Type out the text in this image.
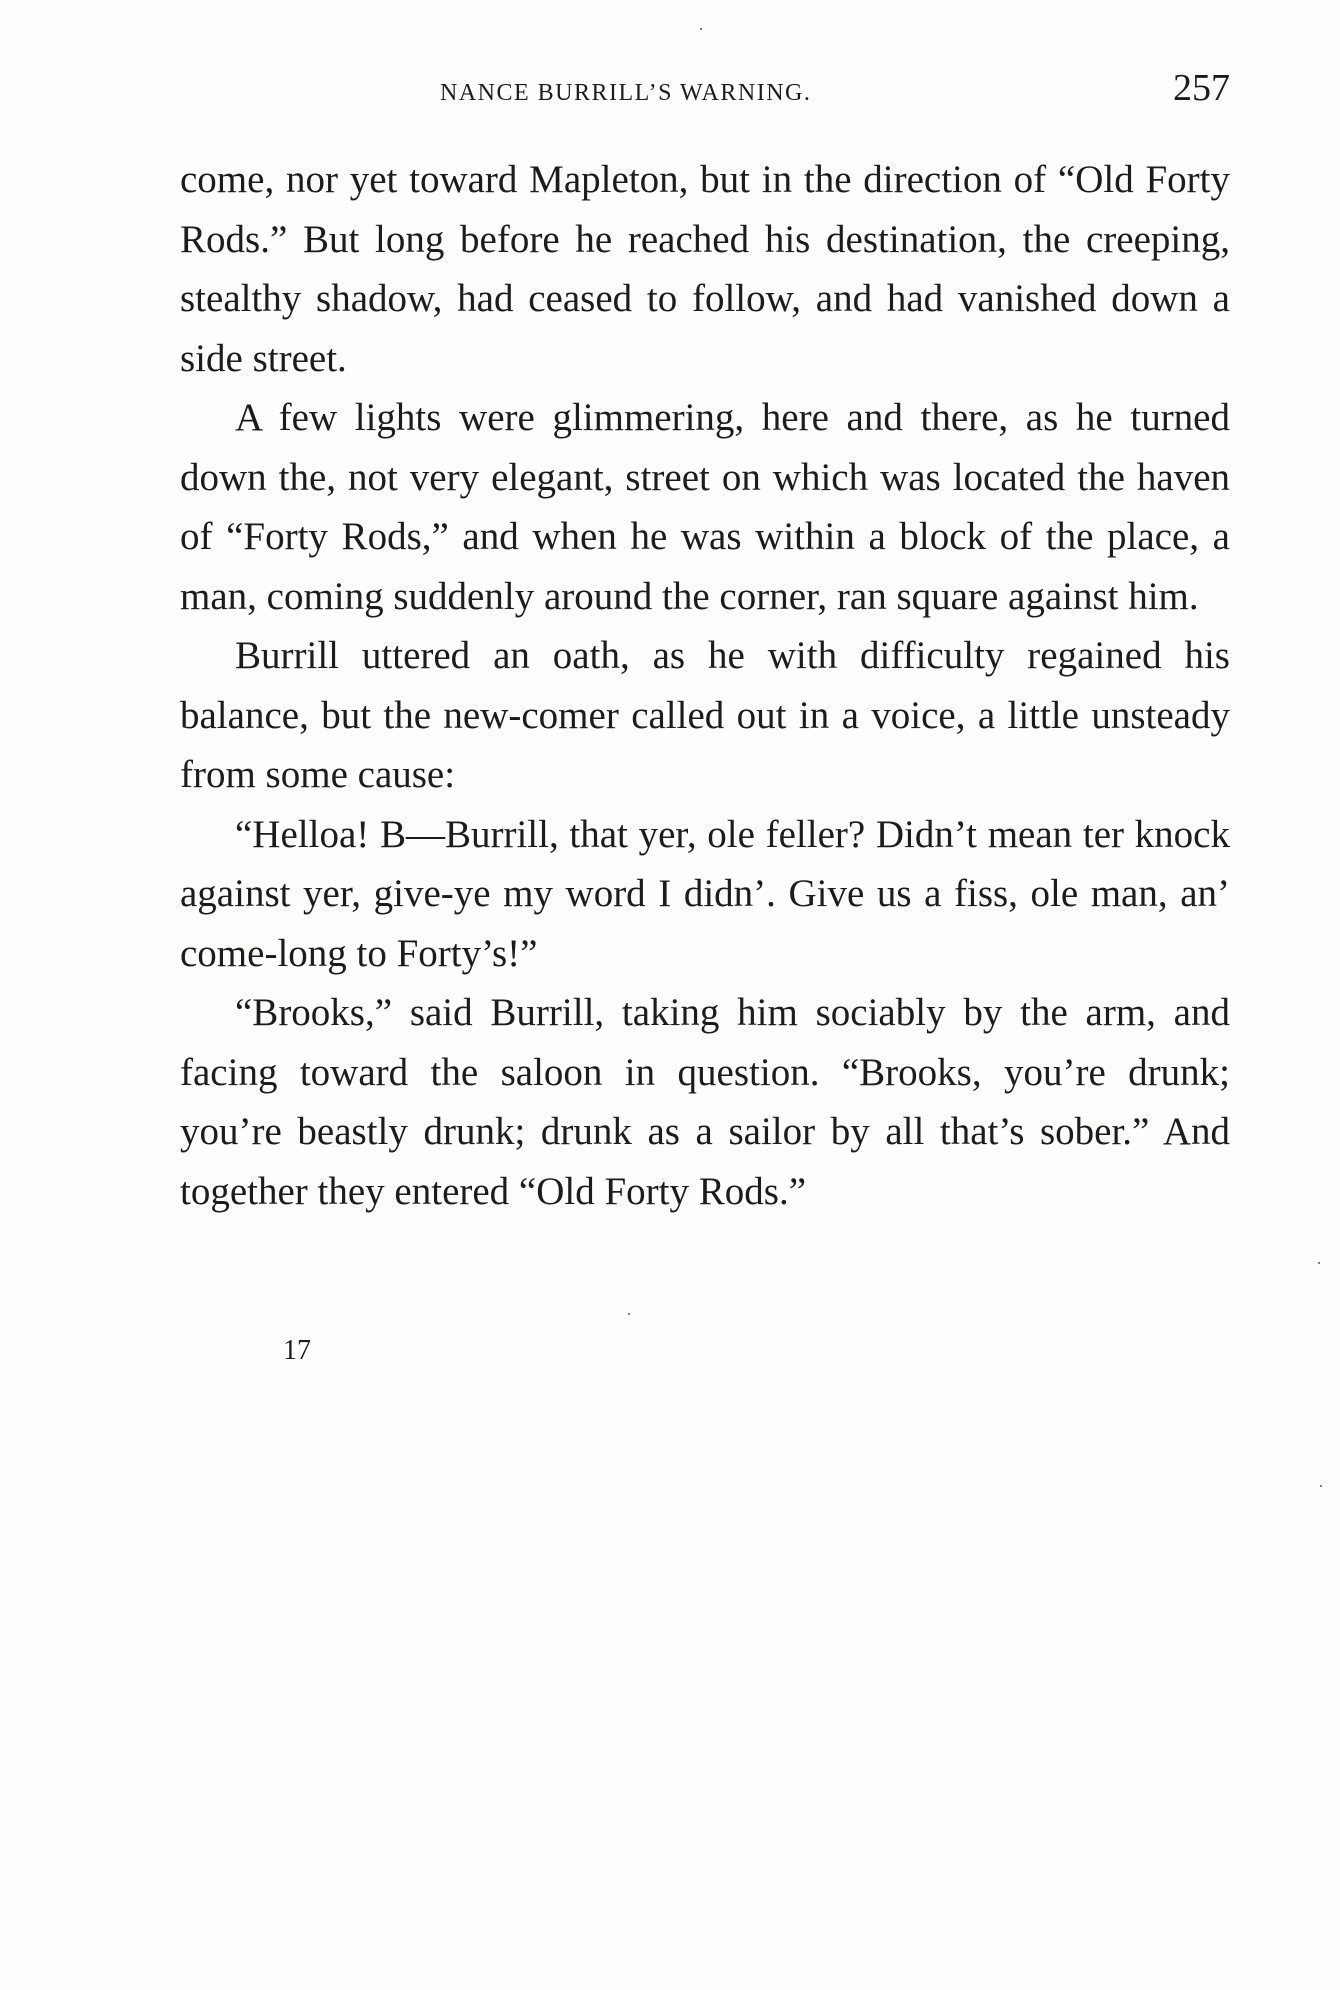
NANCE BURRILL’S WARNING.	257

come, nor yet toward Mapleton, but in the direction of “Old Forty Rods.” But long before he reached his destination, the creeping, stealthy shadow, had ceased to follow, and had vanished down a side street.

A few lights were glimmering, here and there, as he turned down the, not very elegant, street on which was located the haven of “Forty Rods,” and when he was within a block of the place, a man, coming suddenly around the corner, ran square against him.

Burrill uttered an oath, as he with difficulty regained his balance, but the new-comer called out in a voice, a little unsteady from some cause:

“Helloa! B—Burrill, that yer, ole feller? Didn’t mean ter knock against yer, give-ye my word I didn’. Give us a fiss, ole man, an’ come-long to Forty’s!”

“Brooks,” said Burrill, taking him sociably by the arm, and facing toward the saloon in question. “Brooks, you’re drunk; you’re beastly drunk; drunk as a sailor by all that’s sober.” And together they entered “Old Forty Rods.”

17
